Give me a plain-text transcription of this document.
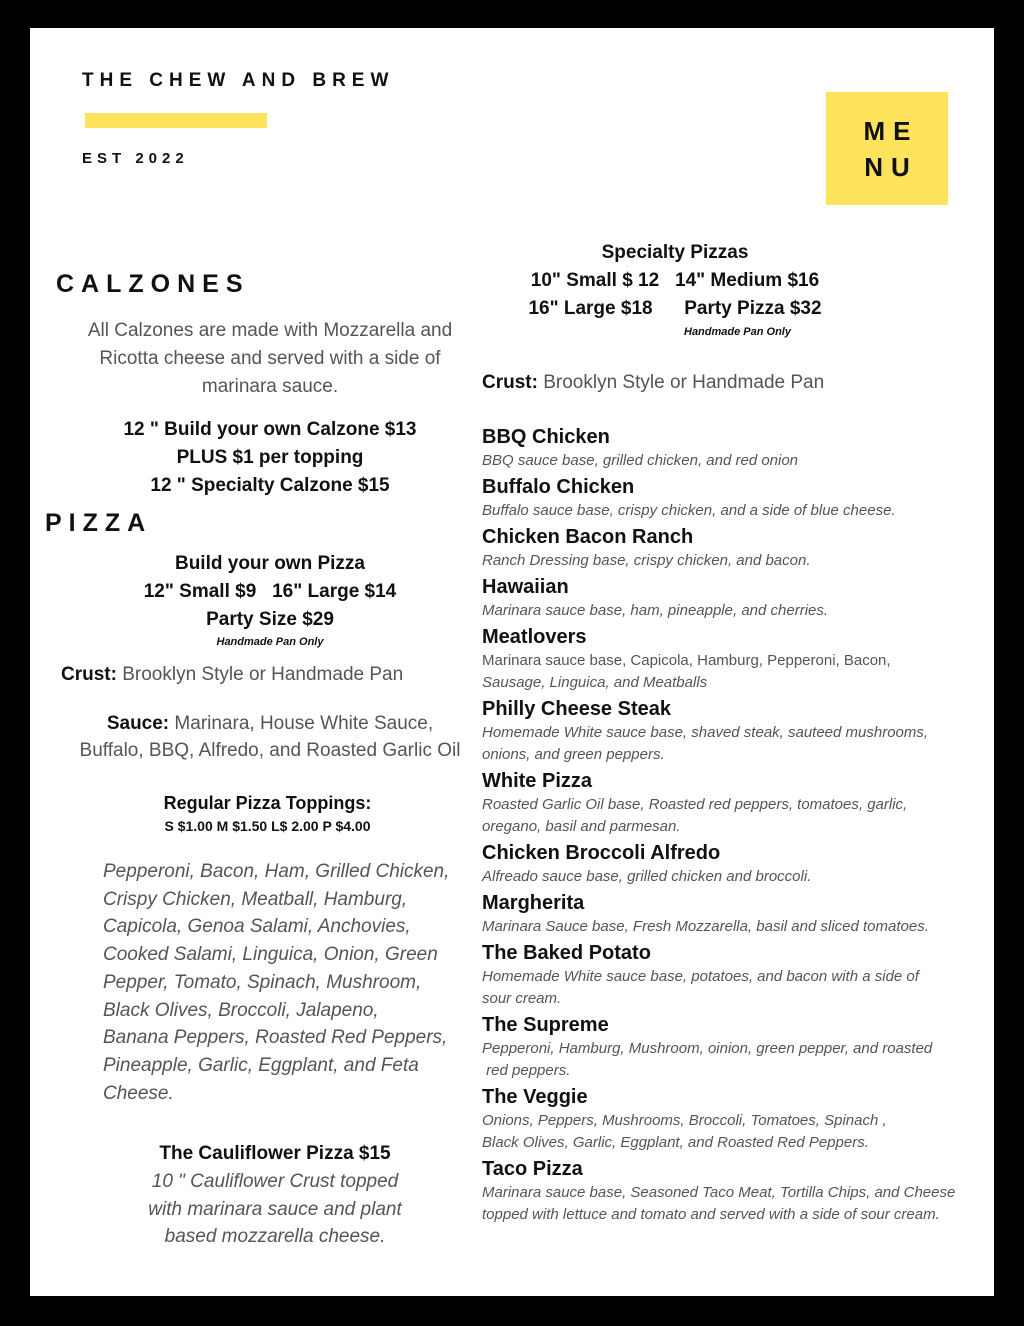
THE CHEW AND BREW
EST 2022
ME
NU
CALZONES
All Calzones are made with Mozzarella and
Ricotta cheese and served with a side of
marinara sauce.
12 " Build your own Calzone $13
PLUS $1 per topping
12 " Specialty Calzone $15
PIZZA
Build your own Pizza
12" Small $9   16" Large $14
Party Size $29
Handmade Pan Only
Crust: Brooklyn Style or Handmade Pan
Sauce: Marinara, House White Sauce,
Buffalo, BBQ, Alfredo, and Roasted Garlic Oil
Regular Pizza Toppings:
S $1.00 M $1.50 L$ 2.00 P $4.00
Pepperoni, Bacon, Ham, Grilled Chicken,
Crispy Chicken, Meatball, Hamburg,
Capicola, Genoa Salami, Anchovies,
Cooked Salami, Linguica, Onion, Green
Pepper, Tomato, Spinach, Mushroom,
Black Olives, Broccoli, Jalapeno,
Banana Peppers, Roasted Red Peppers,
Pineapple, Garlic, Eggplant, and Feta
Cheese.
The Cauliflower Pizza $15
10 " Cauliflower Crust topped
with marinara sauce and plant
based mozzarella cheese.
Specialty Pizzas
10" Small $ 12   14" Medium $16
16" Large $18      Party Pizza $32
Handmade Pan Only
Crust: Brooklyn Style or Handmade Pan
BBQ Chicken
BBQ sauce base, grilled chicken, and red onion
Buffalo Chicken
Buffalo sauce base, crispy chicken, and a side of blue cheese.
Chicken Bacon Ranch
Ranch Dressing base, crispy chicken, and bacon.
Hawaiian
Marinara sauce base, ham, pineapple, and cherries.
Meatlovers
Marinara sauce base, Capicola, Hamburg, Pepperoni, Bacon,
Sausage, Linguica, and Meatballs
Philly Cheese Steak
Homemade White sauce base, shaved steak, sauteed mushrooms,
onions, and green peppers.
White Pizza
Roasted Garlic Oil base, Roasted red peppers, tomatoes, garlic,
oregano, basil and parmesan.
Chicken Broccoli Alfredo
Alfreado sauce base, grilled chicken and broccoli.
Margherita
Marinara Sauce base, Fresh Mozzarella, basil and sliced tomatoes.
The Baked Potato
Homemade White sauce base, potatoes, and bacon with a side of
sour cream.
The Supreme
Pepperoni, Hamburg, Mushroom, oinion, green pepper, and roasted
red peppers.
The Veggie
Onions, Peppers, Mushrooms, Broccoli, Tomatoes, Spinach ,
Black Olives, Garlic, Eggplant, and Roasted Red Peppers.
Taco Pizza
Marinara sauce base, Seasoned Taco Meat, Tortilla Chips, and Cheese
topped with lettuce and tomato and served with a side of sour cream.
